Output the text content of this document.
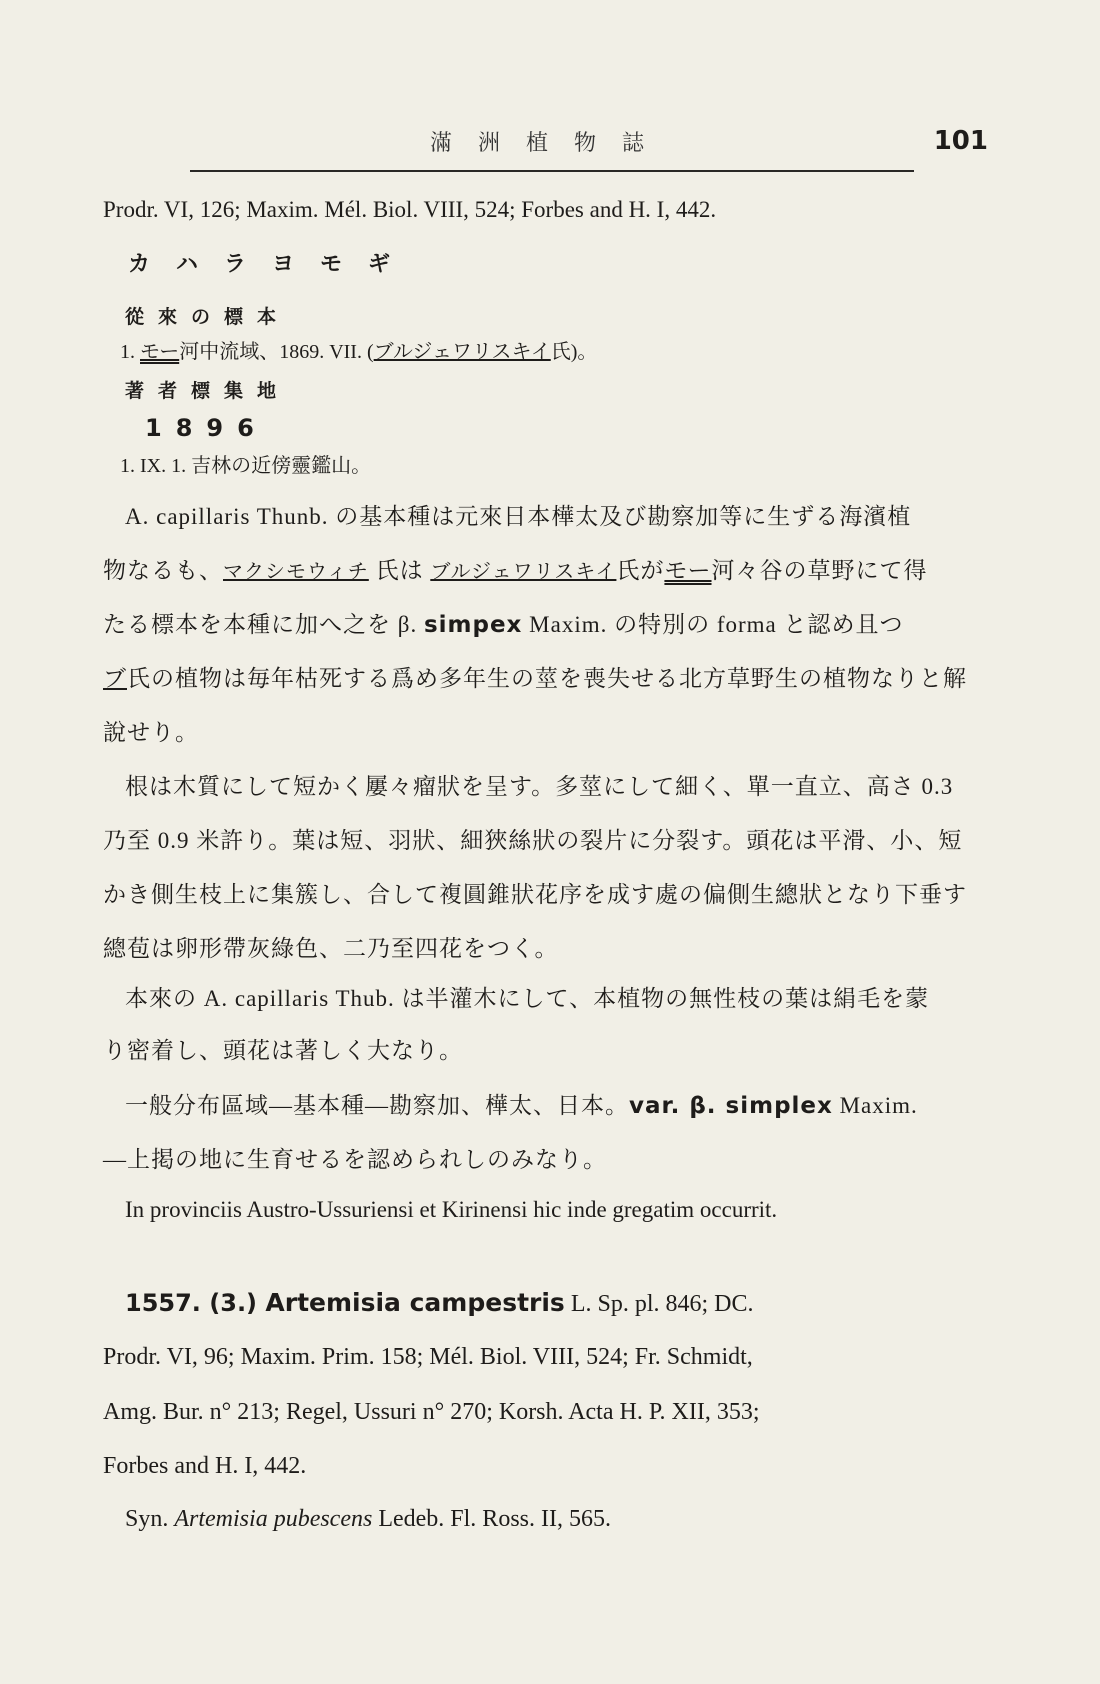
滿洲植物誌	101
Prodr. VI, 126; Maxim. Mél. Biol. VIII, 524; Forbes and H. I, 442.
カハラヨモギ
從來の標本
1. モー河中流域、1869. VII. (ブルジェワリスキイ氏)。
著者標集地
1896
1. IX. 1. 吉林の近傍靈鑑山。
A. capillaris Thunb. の基本種は元來日本樺太及び勘察加等に生ずる海濱植
物なるも、マクシモウィチ 氏は ブルジェワリスキイ氏がモー河々谷の草野にて得
たる標本を本種に加へ之を β. simpex Maxim. の特別の forma と認め且つ
ブ氏の植物は毎年枯死する爲め多年生の莖を喪失せる北方草野生の植物なりと解
說せり。
根は木質にして短かく屢々瘤狀を呈す。多莖にして細く、單一直立、高さ 0.3
乃至 0.9 米許り。葉は短、羽狀、細狹絲狀の裂片に分裂す。頭花は平滑、小、短
かき側生枝上に集簇し、合して複圓錐狀花序を成す處の偏側生總狀となり下垂す
總苞は卵形帶灰綠色、二乃至四花をつく。
本來の A. capillaris Thub. は半灌木にして、本植物の無性枝の葉は絹毛を蒙
り密着し、頭花は著しく大なり。
一般分布區域—基本種—勘察加、樺太、日本。var. β. simplex Maxim.
—上掲の地に生育せるを認められしのみなり。
In provinciis Austro-Ussuriensi et Kirinensi hic inde gregatim occurrit.
1557. (3.) Artemisia campestris L. Sp. pl. 846; DC.
Prodr. VI, 96; Maxim. Prim. 158; Mél. Biol. VIII, 524; Fr. Schmidt,
Amg. Bur. n° 213; Regel, Ussuri n° 270; Korsh. Acta H. P. XII, 353;
Forbes and H. I, 442.
Syn. Artemisia pubescens Ledeb. Fl. Ross. II, 565.
